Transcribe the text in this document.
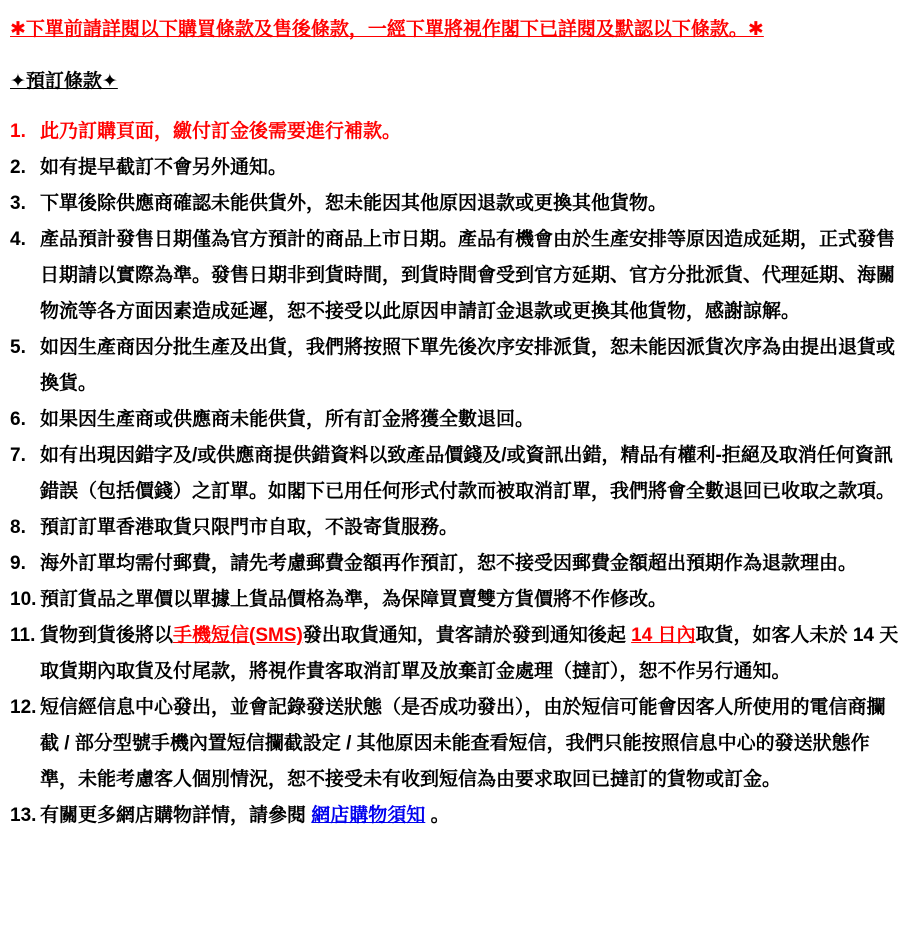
✱下單前請詳閱以下購買條款及售後條款，一經下單將視作閣下已詳閱及默認以下條款。✱
✦預訂條款✦
1. 此乃訂購頁面，繳付訂金後需要進行補款。
2. 如有提早截訂不會另外通知。
3. 下單後除供應商確認未能供貨外，恕未能因其他原因退款或更換其他貨物。
4. 產品預計發售日期僅為官方預計的商品上市日期。產品有機會由於生產安排等原因造成延期，正式發售日期請以實際為準。發售日期非到貨時間，到貨時間會受到官方延期、官方分批派貨、代理延期、海關物流等各方面因素造成延遲，恕不接受以此原因申請訂金退款或更換其他貨物，感謝諒解。
5. 如因生產商因分批生產及出貨，我們將按照下單先後次序安排派貨，恕未能因派貨次序為由提出退貨或換貨。
6. 如果因生產商或供應商未能供貨，所有訂金將獲全數退回。
7. 如有出現因錯字及/或供應商提供錯資料以致產品價錢及/或資訊出錯，精品有權利-拒絕及取消任何資訊錯誤（包括價錢）之訂單。如閣下已用任何形式付款而被取消訂單，我們將會全數退回已收取之款項。
8. 預訂訂單香港取貨只限門市自取，不設寄貨服務。
9. 海外訂單均需付郵費，請先考慮郵費金額再作預訂，恕不接受因郵費金額超出預期作為退款理由。
10. 預訂貨品之單價以單據上貨品價格為準，為保障買賣雙方貨價將不作修改。
11. 貨物到貨後將以手機短信(SMS)發出取貨通知，貴客請於發到通知後起 14 日內取貨，如客人未於 14 天取貨期內取貨及付尾款，將視作貴客取消訂單及放棄訂金處理（撻訂），恕不作另行通知。
12. 短信經信息中心發出，並會記錄發送狀態（是否成功發出），由於短信可能會因客人所使用的電信商攔截 / 部分型號手機內置短信攔截設定 / 其他原因未能查看短信，我們只能按照信息中心的發送狀態作準，未能考慮客人個別情況，恕不接受未有收到短信為由要求取回已撻訂的貨物或訂金。
13. 有關更多網店購物詳情，請參閱 網店購物須知 。
